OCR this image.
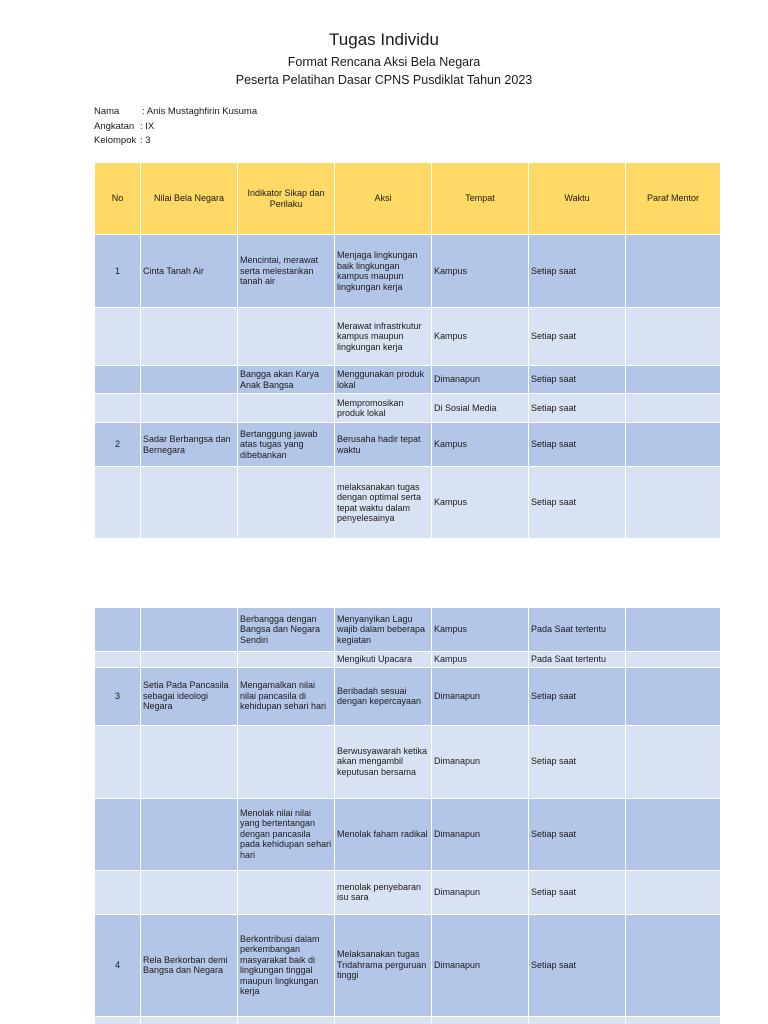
Tugas Individu
Format Rencana Aksi Bela Negara
Peserta Pelatihan Dasar CPNS Pusdiklat Tahun 2023
Nama	: Anis Mustaghfirin Kusuma
Angkatan : IX
Kelompok : 3
No	Nilai Bela Negara	Indikator Sikap dan Perilaku	Aksi	Tempat	Waktu	Paraf Mentor
1	Cinta Tanah Air	Mencintai, merawat serta melestarikan tanah air	Menjaga lingkungan baik lingkungan kampus maupun lingkungan kerja	Kampus	Setiap saat	
			Merawat infrastrkutur kampus maupun lingkungan kerja	Kampus	Setiap saat	
		Bangga akan Karya Anak Bangsa	Menggunakan produk lokal	Dimanapun	Setiap saat	
			Mempromosikan produk lokal	Di Sosial Media	Setiap saat	
2	Sadar Berbangsa dan Bernegara	Bertanggung jawab atas tugas yang dibebankan	Berusaha hadir tepat waktu	Kampus	Setiap saat	
			melaksanakan tugas dengan optimal serta tepat waktu dalam penyelesainya	Kampus	Setiap saat	
		Berbangga dengan Bangsa dan Negara Sendiri	Menyanyikan Lagu wajib dalam beberapa kegiatan	Kampus	Pada Saat tertentu	
			Mengikuti Upacara	Kampus	Pada Saat tertentu	
3	Setia Pada Pancasila sebagai ideologi Negara	Mengamalkan nilai nilai pancasila di kehidupan sehari hari	Beribadah sesuai dengan kepercayaan	Dimanapun	Setiap saat	
			Berwusyawarah ketika akan mengambil keputusan bersama	Dimanapun	Setiap saat	
		Menolak nilai nilai yang bertentangan dengan pancasila pada kehidupan sehari hari	Menolak faham radikal	Dimanapun	Setiap saat	
			menolak penyebaran isu sara	Dimanapun	Setiap saat	
4	Rela Berkorban demi Bangsa dan Negara	Berkontribusi dalam perkembangan masyarakat baik di lingkungan tinggal maupun lingkungan kerja	Melaksanakan tugas Tridahrama perguruan tinggi	Dimanapun	Setiap saat	
